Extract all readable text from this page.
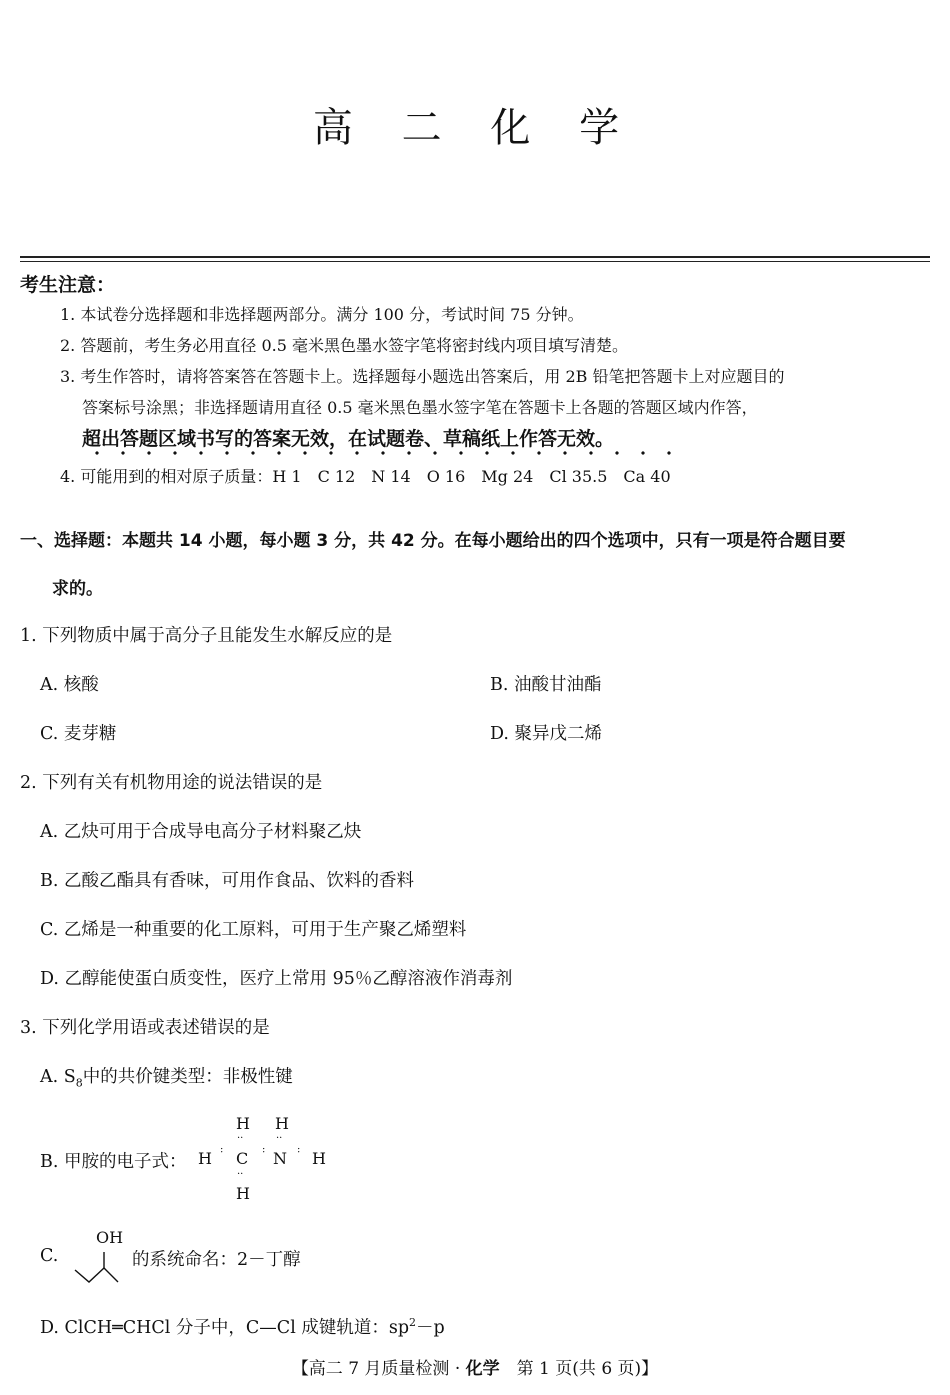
高 二 化 学
考生注意：
1. 本试卷分选择题和非选择题两部分。满分 100 分，考试时间 75 分钟。
2. 答题前，考生务必用直径 0.5 毫米黑色墨水签字笔将密封线内项目填写清楚。
3. 考生作答时，请将答案答在答题卡上。选择题每小题选出答案后，用 2B 铅笔把答题卡上对应题目的
答案标号涂黑；非选择题请用直径 0.5 毫米黑色墨水签字笔在答题卡上各题的答题区域内作答，
超出答题区域书写的答案无效，在试题卷、草稿纸上作答无效。
4. 可能用到的相对原子质量：H 1　C 12　N 14　O 16　Mg 24　Cl 35.5　Ca 40
一、选择题：本题共 14 小题，每小题 3 分，共 42 分。在每小题给出的四个选项中，只有一项是符合题目要
求的。
1. 下列物质中属于高分子且能发生水解反应的是
A. 核酸	B. 油酸甘油酯
C. 麦芽糖	D. 聚异戊二烯
2. 下列有关有机物用途的说法错误的是
A. 乙炔可用于合成导电高分子材料聚乙炔
B. 乙酸乙酯具有香味，可用作食品、饮料的香料
C. 乙烯是一种重要的化工原料，可用于生产聚乙烯塑料
D. 乙醇能使蛋白质变性，医疗上常用 95％乙醇溶液作消毒剂
3. 下列化学用语或表述错误的是
A. $S_8$中的共价键类型：非极性键
B. 甲胺的电子式： H ·· C ·· N ·· H
H
··
H
··
··
H
C.
OH
的系统命名：2－丁醇
D. ClCH═CHCl 分子中，C—Cl 成键轨道：$sp^2-p$
【高二 7 月质量检测 · 化学　第 1 页(共 6 页)】
